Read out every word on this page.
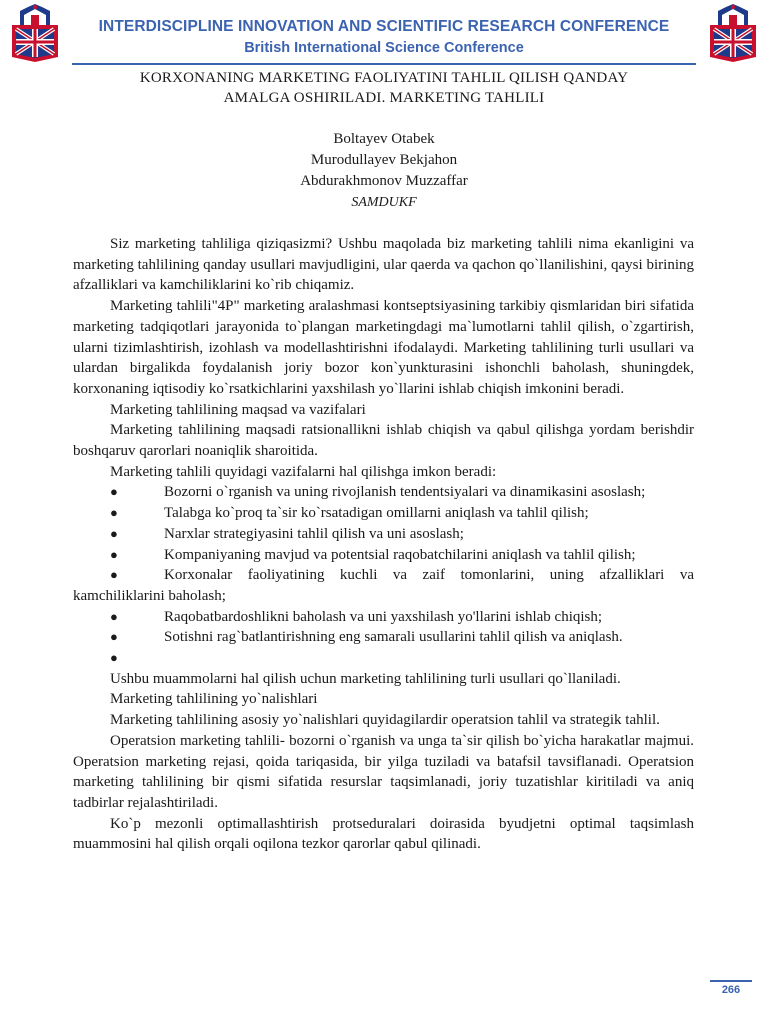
INTERDISCIPLINE INNOVATION AND SCIENTIFIC RESEARCH CONFERENCE
British International Science Conference
KORXONANING MARKETING FAOLIYATINI TAHLIL QILISH QANDAY
AMALGA OSHIRILADI. MARKETING TAHLILI
Boltayev Otabek
Murodullayev Bekjahon
Abdurakhmonov Muzzaffar
SAMDUKF

Siz marketing tahliliga qiziqasizmi? Ushbu maqolada biz marketing tahlili nima ekanligini va marketing tahlilining qanday usullari mavjudligini, ular qaerda va qachon qo`llanilishini, qaysi birining afzalliklari va kamchiliklarini ko`rib chiqamiz.

Marketing tahlili"4P" marketing aralashmasi kontseptsiyasining tarkibiy qismlaridan biri sifatida marketing tadqiqotlari jarayonida to`plangan marketingdagi ma`lumotlarni tahlil qilish, o`zgartirish, ularni tizimlashtirish, izohlash va modellashtirishni ifodalaydi. Marketing tahlilining turli usullari va ulardan birgalikda foydalanish joriy bozor kon`yunkturasini ishonchli baholash, shuningdek, korxonaning iqtisodiy ko`rsatkichlarini yaxshilash yo`llarini ishlab chiqish imkonini beradi.

Marketing tahlilining maqsad va vazifalari

Marketing tahlilining maqsadi ratsionallikni ishlab chiqish va qabul qilishga yordam berishdir boshqaruv qarorlari noaniqlik sharoitida.

Marketing tahlili quyidagi vazifalarni hal qilishga imkon beradi:

●	Bozorni o`rganish va uning rivojlanish tendentsiyalari va dinamikasini asoslash;

●	Talabga ko`proq ta`sir ko`rsatadigan omillarni aniqlash va tahlil qilish;

●	Narxlar strategiyasini tahlil qilish va uni asoslash;

●	Kompaniyaning mavjud va potentsial raqobatchilarini aniqlash va tahlil qilish;

●	Korxonalar faoliyatining kuchli va zaif tomonlarini, uning afzalliklari va kamchiliklarini baholash;

●	Raqobatbardoshlikni baholash va uni yaxshilash yo'llarini ishlab chiqish;

●	Sotishni rag`batlantirishning eng samarali usullarini tahlil qilish va aniqlash.

●

Ushbu muammolarni hal qilish uchun marketing tahlilining turli usullari qo`llaniladi.

Marketing tahlilining yo`nalishlari

Marketing tahlilining asosiy yo`nalishlari quyidagilardir operatsion tahlil va strategik tahlil.

Operatsion marketing tahlili- bozorni o`rganish va unga ta`sir qilish bo`yicha harakatlar majmui. Operatsion marketing rejasi, qoida tariqasida, bir yilga tuziladi va batafsil tavsiflanadi. Operatsion marketing tahlilining bir qismi sifatida resurslar taqsimlanadi, joriy tuzatishlar kiritiladi va aniq tadbirlar rejalashtiriladi.

Ko`p mezonli optimallashtirish protseduralari doirasida byudjetni optimal taqsimlash muammosini hal qilish orqali oqilona tezkor qarorlar qabul qilinadi.

266
